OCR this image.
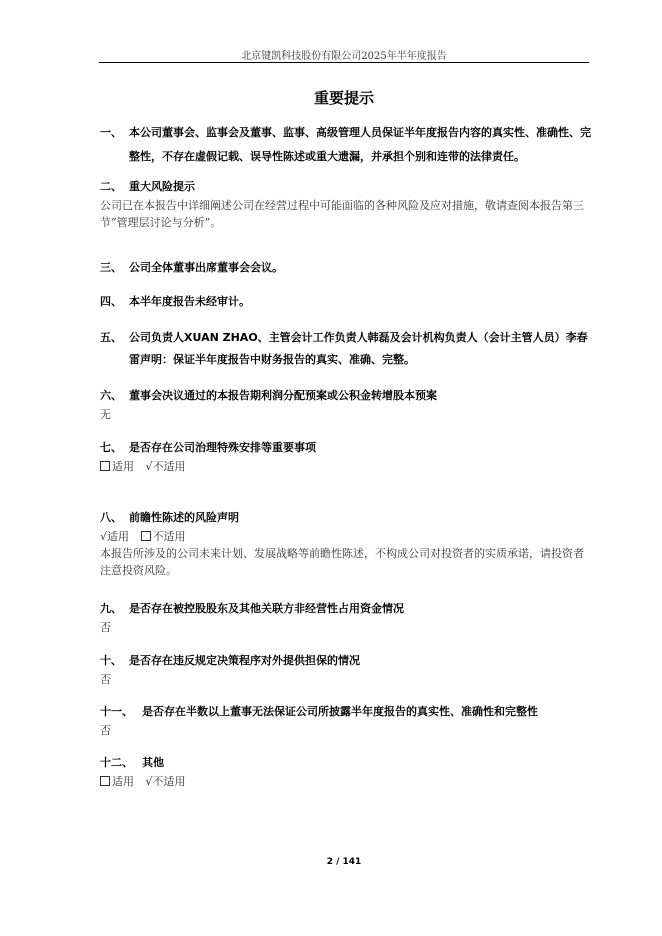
北京键凯科技股份有限公司2025年半年度报告
重要提示

一、 本公司董事会、监事会及董事、监事、高级管理人员保证半年度报告内容的真实性、准确性、完整性，不存在虚假记载、误导性陈述或重大遗漏，并承担个别和连带的法律责任。

二、 重大风险提示

公司已在本报告中详细阐述公司在经营过程中可能面临的各种风险及应对措施，敬请查阅本报告第三节“管理层讨论与分析”。

三、 公司全体董事出席董事会会议。

四、 本半年度报告未经审计。

五、 公司负责人XUAN ZHAO、主管会计工作负责人韩磊及会计机构负责人（会计主管人员）李春雷声明：保证半年度报告中财务报告的真实、准确、完整。

六、 董事会决议通过的本报告期利润分配预案或公积金转增股本预案

无

七、 是否存在公司治理特殊安排等重要事项

适用 √不适用

八、 前瞻性陈述的风险声明

√适用 不适用

本报告所涉及的公司未来计划、发展战略等前瞻性陈述，不构成公司对投资者的实质承诺，请投资者注意投资风险。

九、 是否存在被控股股东及其他关联方非经营性占用资金情况

否

十、 是否存在违反规定决策程序对外提供担保的情况

否

十一、 是否存在半数以上董事无法保证公司所披露半年度报告的真实性、准确性和完整性

否

十二、 其他

适用 √不适用

2 / 141
